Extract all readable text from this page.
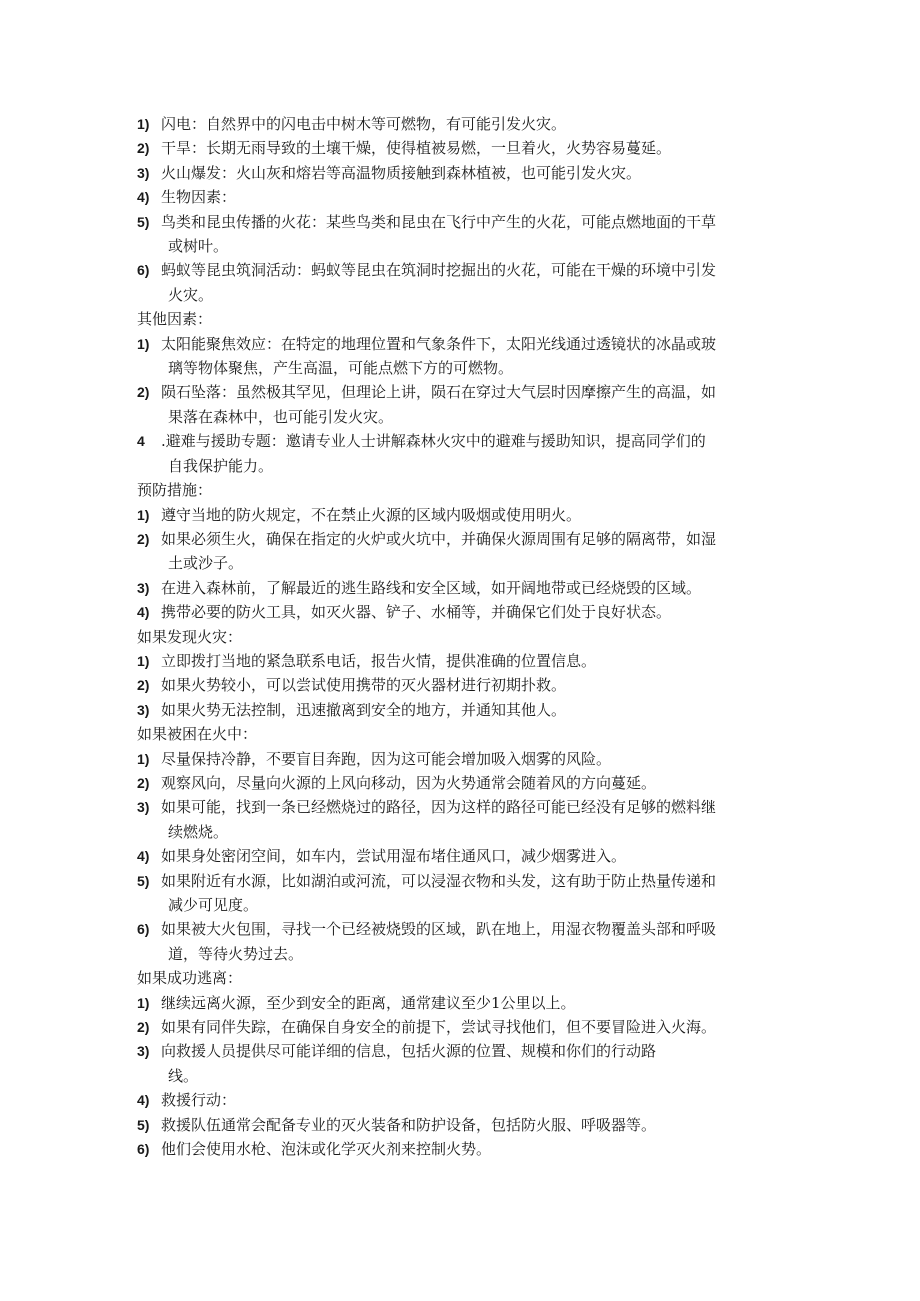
1) 闪电：自然界中的闪电击中树木等可燃物，有可能引发火灾。
2) 干旱：长期无雨导致的土壤干燥，使得植被易燃，一旦着火，火势容易蔓延。
3) 火山爆发：火山灰和熔岩等高温物质接触到森林植被，也可能引发火灾。
4) 生物因素：
5) 鸟类和昆虫传播的火花：某些鸟类和昆虫在飞行中产生的火花，可能点燃地面的干草
或树叶。
6) 蚂蚁等昆虫筑洞活动：蚂蚁等昆虫在筑洞时挖掘出的火花，可能在干燥的环境中引发
火灾。
其他因素：
1) 太阳能聚焦效应：在特定的地理位置和气象条件下，太阳光线通过透镜状的冰晶或玻
璃等物体聚焦，产生高温，可能点燃下方的可燃物。
2) 陨石坠落：虽然极其罕见，但理论上讲，陨石在穿过大气层时因摩擦产生的高温，如
果落在森林中，也可能引发火灾。
4	.避难与援助专题：邀请专业人士讲解森林火灾中的避难与援助知识，提高同学们的
自我保护能力。
预防措施：
1) 遵守当地的防火规定，不在禁止火源的区域内吸烟或使用明火。
2) 如果必须生火，确保在指定的火炉或火坑中，并确保火源周围有足够的隔离带，如湿
土或沙子。
3) 在进入森林前，了解最近的逃生路线和安全区域，如开阔地带或已经烧毁的区域。
4) 携带必要的防火工具，如灭火器、铲子、水桶等，并确保它们处于良好状态。
如果发现火灾：
1) 立即拨打当地的紧急联系电话，报告火情，提供准确的位置信息。
2) 如果火势较小，可以尝试使用携带的灭火器材进行初期扑救。
3) 如果火势无法控制，迅速撤离到安全的地方，并通知其他人。
如果被困在火中：
1) 尽量保持冷静，不要盲目奔跑，因为这可能会增加吸入烟雾的风险。
2) 观察风向，尽量向火源的上风向移动，因为火势通常会随着风的方向蔓延。
3) 如果可能，找到一条已经燃烧过的路径，因为这样的路径可能已经没有足够的燃料继
续燃烧。
4) 如果身处密闭空间，如车内，尝试用湿布堵住通风口，减少烟雾进入。
5) 如果附近有水源，比如湖泊或河流，可以浸湿衣物和头发，这有助于防止热量传递和
减少可见度。
6) 如果被大火包围，寻找一个已经被烧毁的区域，趴在地上，用湿衣物覆盖头部和呼吸
道，等待火势过去。
如果成功逃离：
1) 继续远离火源，至少到安全的距离，通常建议至少1公里以上。
2) 如果有同伴失踪，在确保自身安全的前提下，尝试寻找他们，但不要冒险进入火海。
3) 向救援人员提供尽可能详细的信息，包括火源的位置、规模和你们的行动路
线。
4) 救援行动：
5) 救援队伍通常会配备专业的灭火装备和防护设备，包括防火服、呼吸器等。
6) 他们会使用水枪、泡沫或化学灭火剂来控制火势。
